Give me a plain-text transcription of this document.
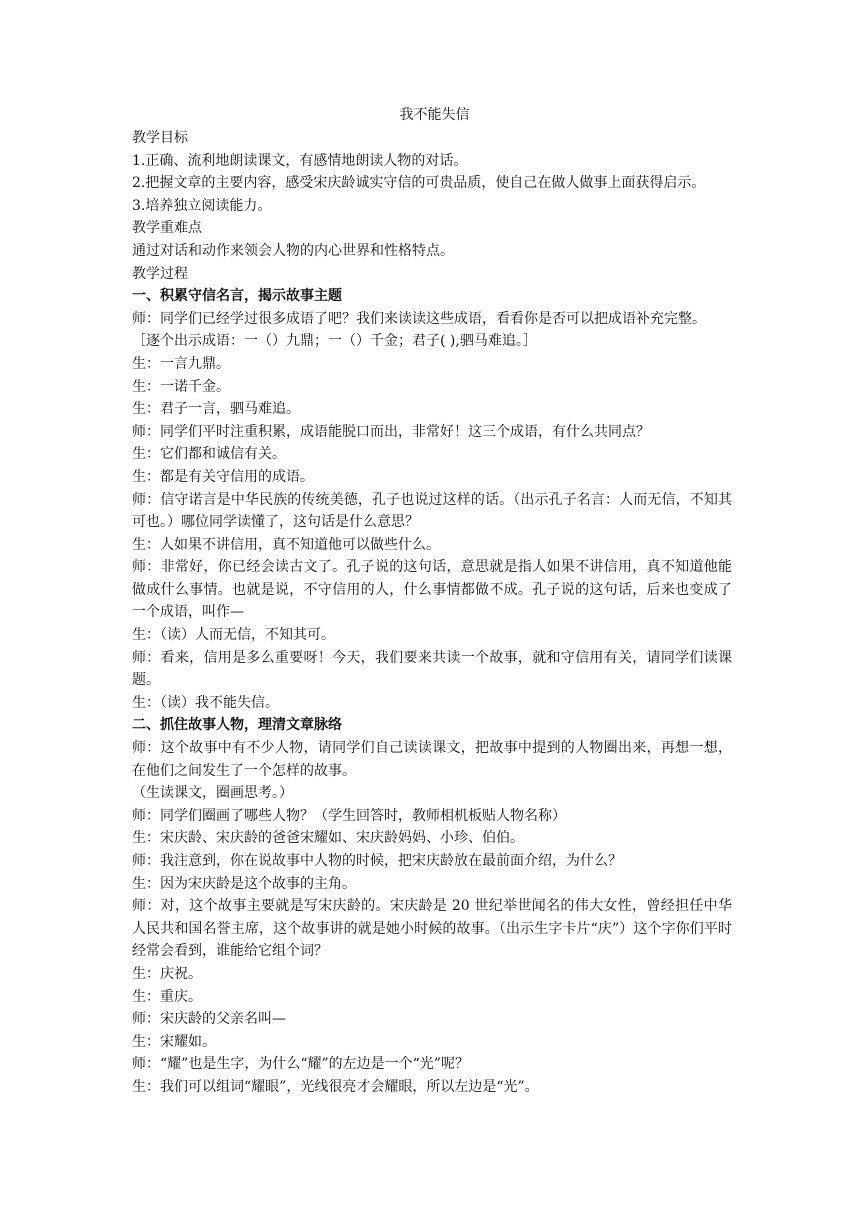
我不能失信

教学目标

1.正确、流利地朗读课文，有感情地朗读人物的对话。

2.把握文章的主要内容，感受宋庆龄诚实守信的可贵品质，使自己在做人做事上面获得启示。

3.培养独立阅读能力。

教学重难点

通过对话和动作来领会人物的内心世界和性格特点。

教学过程

一、积累守信名言，揭示故事主题

师：同学们已经学过很多成语了吧？我们来读读这些成语，看看你是否可以把成语补充完整。

［逐个出示成语：一（）九鼎；一（）千金；君子( ),驷马难追。］

生：一言九鼎。

生：一诺千金。

生：君子一言，驷马难追。

师：同学们平时注重积累，成语能脱口而出，非常好！这三个成语，有什么共同点？

生：它们都和诚信有关。

生：都是有关守信用的成语。

师：信守诺言是中华民族的传统美德，孔子也说过这样的话。（出示孔子名言：人而无信，不知其可也。）哪位同学读懂了，这句话是什么意思？

生：人如果不讲信用，真不知道他可以做些什么。

师：非常好，你已经会读古文了。孔子说的这句话，意思就是指人如果不讲信用，真不知道他能做成什么事情。也就是说，不守信用的人，什么事情都做不成。孔子说的这句话，后来也变成了一个成语，叫作—

生：（读）人而无信，不知其可。

师：看来，信用是多么重要呀！今天，我们要来共读一个故事，就和守信用有关，请同学们读课题。

生：（读）我不能失信。

二、抓住故事人物，理清文章脉络

师：这个故事中有不少人物，请同学们自己读读课文，把故事中提到的人物圈出来，再想一想，在他们之间发生了一个怎样的故事。

（生读课文，圈画思考。）

师：同学们圈画了哪些人物？（学生回答时，教师相机板贴人物名称）

生：宋庆龄、宋庆龄的爸爸宋耀如、宋庆龄妈妈、小珍、伯伯。

师：我注意到，你在说故事中人物的时候，把宋庆龄放在最前面介绍，为什么？

生：因为宋庆龄是这个故事的主角。

师：对，这个故事主要就是写宋庆龄的。宋庆龄是 20 世纪举世闻名的伟大女性，曾经担任中华人民共和国名誉主席，这个故事讲的就是她小时候的故事。（出示生字卡片“庆”）这个字你们平时经常会看到，谁能给它组个词？

生：庆祝。

生：重庆。

师：宋庆龄的父亲名叫—

生：宋耀如。

师：“耀”也是生字，为什么“耀”的左边是一个“光”呢？

生：我们可以组词“耀眼”，光线很亮才会耀眼，所以左边是“光”。
